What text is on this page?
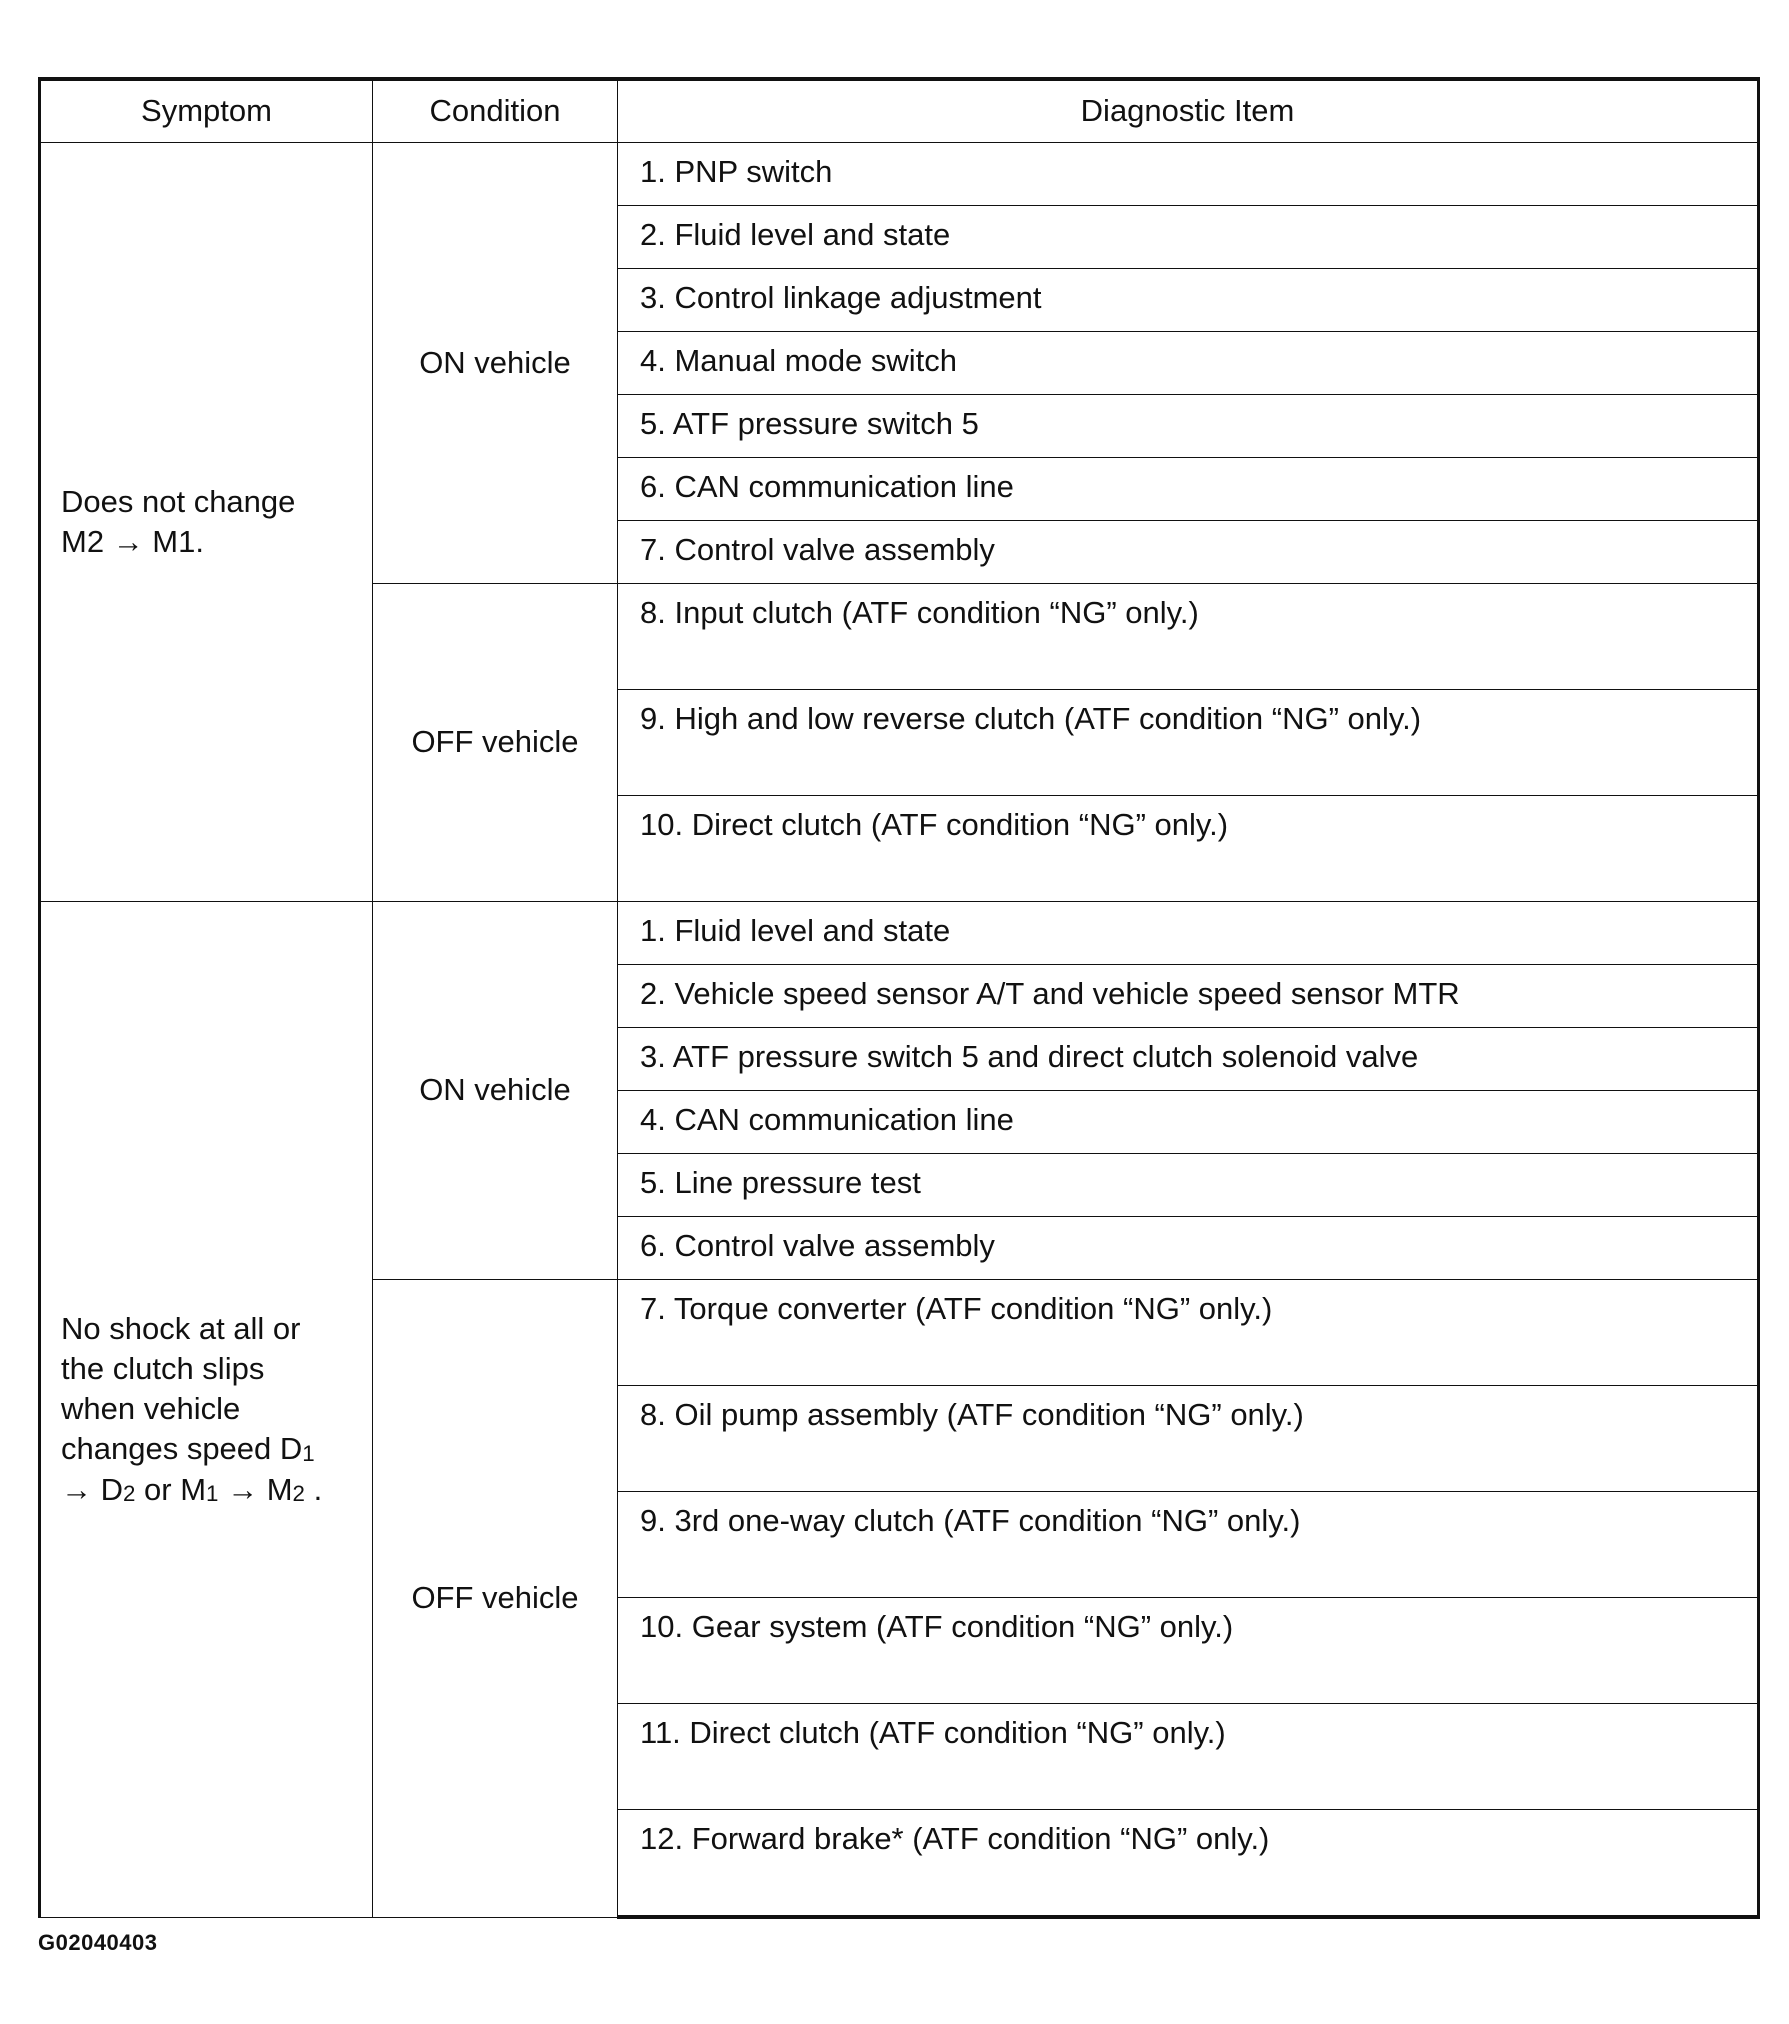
Symptom	Condition	Diagnostic Item

Does not change
M2 → M1.	ON vehicle	1. PNP switch
		2. Fluid level and state
		3. Control linkage adjustment
		4. Manual mode switch
		5. ATF pressure switch 5
		6. CAN communication line
		7. Control valve assembly
	OFF vehicle	8. Input clutch (ATF condition “NG” only.)
		9. High and low reverse clutch (ATF condition “NG” only.)
		10. Direct clutch (ATF condition “NG” only.)

No shock at all or
the clutch slips
when vehicle
changes speed $D_1$
→ $D_2$ or $M_1 \to M_2$ .	ON vehicle	1. Fluid level and state
		2. Vehicle speed sensor A/T and vehicle speed sensor MTR
		3. ATF pressure switch 5 and direct clutch solenoid valve
		4. CAN communication line
		5. Line pressure test
		6. Control valve assembly
	OFF vehicle	7. Torque converter (ATF condition “NG” only.)
		8. Oil pump assembly (ATF condition “NG” only.)
		9. 3rd one-way clutch (ATF condition “NG” only.)
		10. Gear system (ATF condition “NG” only.)
		11. Direct clutch (ATF condition “NG” only.)
		12. Forward brake* (ATF condition “NG” only.)
G02040403
